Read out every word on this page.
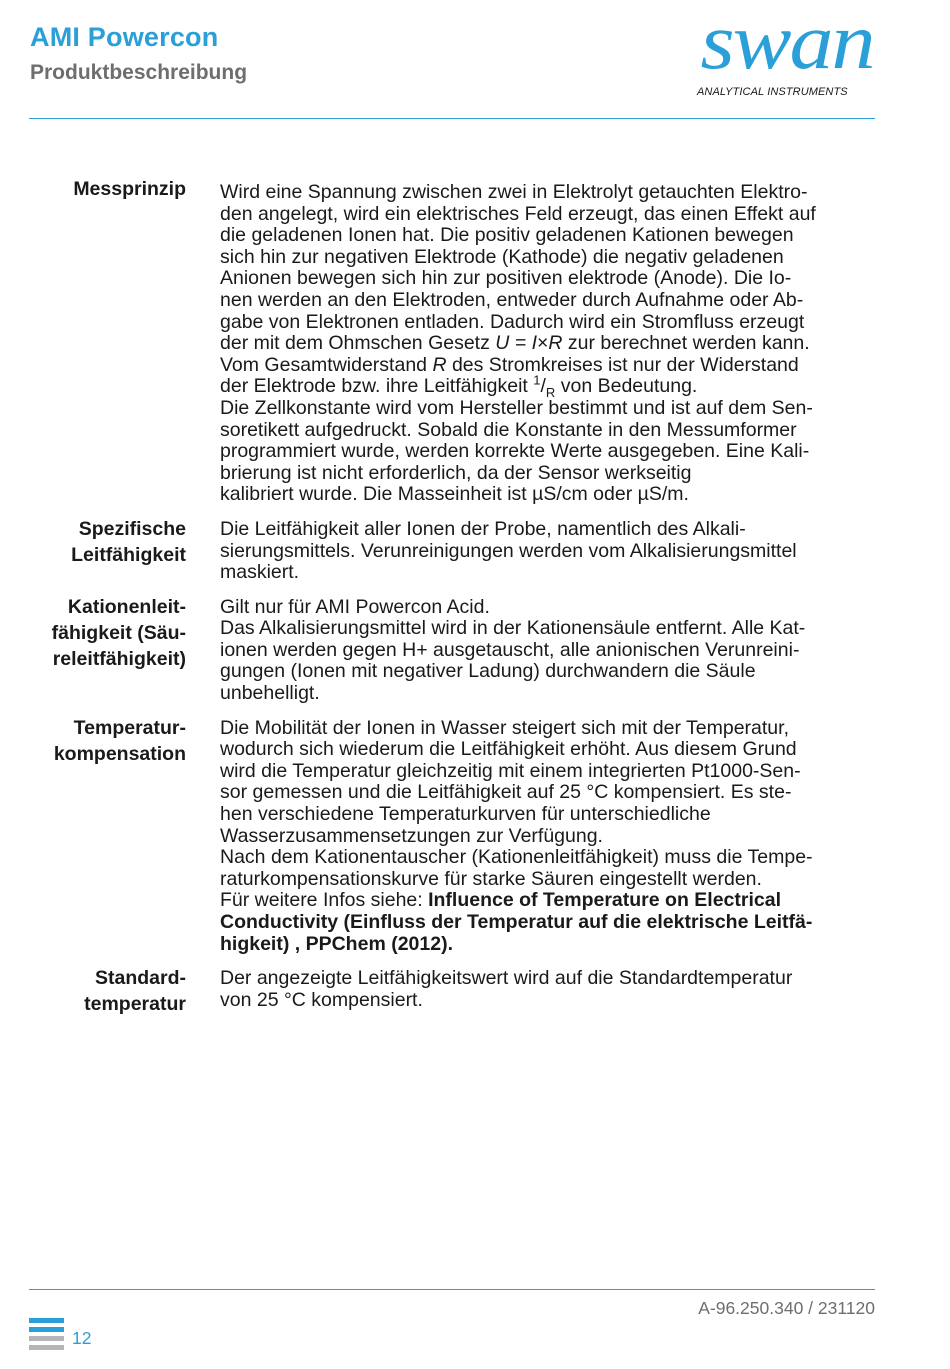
AMI Powercon
Produktbeschreibung	swan
ANALYTICAL INSTRUMENTS
Messprinzip Wird eine Spannung zwischen zwei in Elektrolyt getauchten Elektro-
den angelegt, wird ein elektrisches Feld erzeugt, das einen Effekt auf
die geladenen Ionen hat. Die positiv geladenen Kationen bewegen
sich hin zur negativen Elektrode (Kathode) die negativ geladenen
Anionen bewegen sich hin zur positiven elektrode (Anode). Die Io-
nen werden an den Elektroden, entweder durch Aufnahme oder Ab-
gabe von Elektronen entladen. Dadurch wird ein Stromfluss erzeugt
der mit dem Ohmschen Gesetz U = I×R zur berechnet werden kann.
Vom Gesamtwiderstand R des Stromkreises ist nur der Widerstand
der Elektrode bzw. ihre Leitfähigkeit $^1/_R$ von Bedeutung.

Die Zellkonstante wird vom Hersteller bestimmt und ist auf dem Sen-
soretikett aufgedruckt. Sobald die Konstante in den Messumformer
programmiert wurde, werden korrekte Werte ausgegeben. Eine Kali-
brierung ist nicht erforderlich, da der Sensor werkseitig
kalibriert wurde. Die Masseinheit ist µS/cm oder µS/m.

Spezifische
Leitfähigkeit

Die Leitfähigkeit aller Ionen der Probe, namentlich des Alkali-
sierungsmittels. Verunreinigungen werden vom Alkalisierungsmittel
maskiert.

Kationenleit-
fähigkeit (Säu-
releitfähigkeit)

Gilt nur für AMI Powercon Acid.

Das Alkalisierungsmittel wird in der Kationensäule entfernt. Alle Kat-
ionen werden gegen H+ ausgetauscht, alle anionischen Verunreini-
gungen (Ionen mit negativer Ladung) durchwandern die Säule
unbehelligt.

Temperatur-
kompensation

Die Mobilität der Ionen in Wasser steigert sich mit der Temperatur,
wodurch sich wiederum die Leitfähigkeit erhöht. Aus diesem Grund
wird die Temperatur gleichzeitig mit einem integrierten Pt1000-Sen-
sor gemessen und die Leitfähigkeit auf 25 °C kompensiert. Es ste-
hen verschiedene Temperaturkurven für unterschiedliche
Wasserzusammensetzungen zur Verfügung.

Nach dem Kationentauscher (Kationenleitfähigkeit) muss die Tempe-
raturkompensationskurve für starke Säuren eingestellt werden.

Für weitere Infos siehe: Influence of Temperature on Electrical
Conductivity (Einfluss der Temperatur auf die elektrische Leitfä-
higkeit) , PPChem (2012).

Standard-
temperatur

Der angezeigte Leitfähigkeitswert wird auf die Standardtemperatur
von 25 °C kompensiert.

A-96.250.340 / 231120
12
